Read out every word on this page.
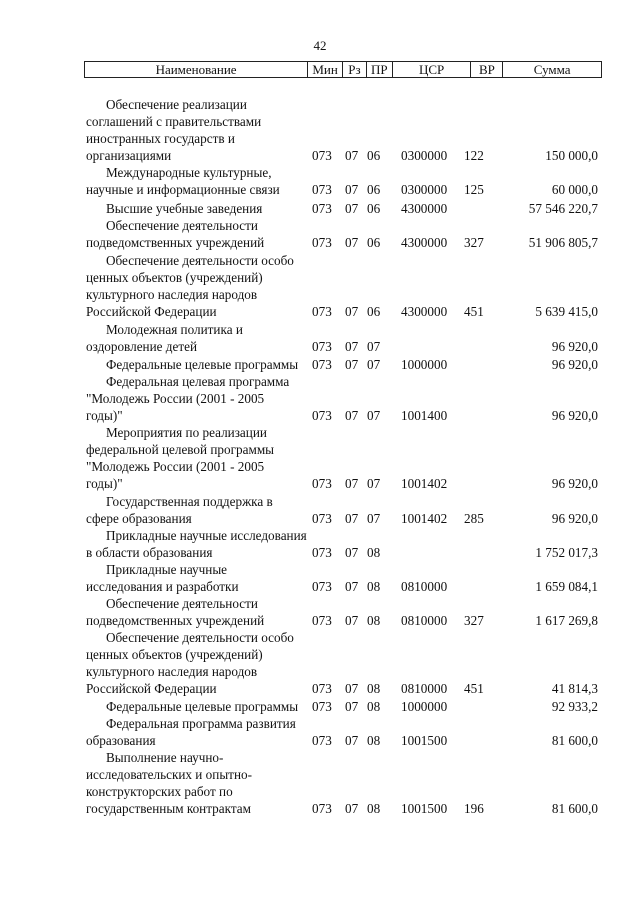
42
Наименование	Мин Рз ПР	ЦСР	ВР	Сумма
Обеспечение реализации
соглашений с правительствами
иностранных государств и
организациями	073 07 06 0300000 122	150 000,0
Международные культурные,
научные и информационные связи	073 07 06 0300000 125	60 000,0
Высшие учебные заведения	073 07 06 4300000	57 546 220,7
Обеспечение деятельности
подведомственных учреждений	073 07 06 4300000 327	51 906 805,7
Обеспечение деятельности особо
ценных объектов (учреждений)
культурного наследия народов
Российской Федерации	073 07 06 4300000 451	5 639 415,0
Молодежная политика и
оздоровление детей	073 07 07	96 920,0
Федеральные целевые программы	073 07 07 1000000	96 920,0
Федеральная целевая программа
"Молодежь России (2001 - 2005
годы)"	073 07 07 1001400	96 920,0
Мероприятия по реализации
федеральной целевой программы
"Молодежь России (2001 - 2005
годы)"	073 07 07 1001402	96 920,0
Государственная поддержка в
сфере образования	073 07 07 1001402 285	96 920,0
Прикладные научные исследования
в области образования	073 07 08	1 752 017,3
Прикладные научные
исследования и разработки	073 07 08 0810000	1 659 084,1
Обеспечение деятельности
подведомственных учреждений	073 07 08 0810000 327	1 617 269,8
Обеспечение деятельности особо
ценных объектов (учреждений)
культурного наследия народов
Российской Федерации	073 07 08 0810000 451	41 814,3
Федеральные целевые программы	073 07 08 1000000	92 933,2
Федеральная программа развития
образования	073 07 08 1001500	81 600,0
Выполнение научно-
исследовательских и опытно-
конструкторских работ по
государственным контрактам	073 07 08 1001500 196	81 600,0
